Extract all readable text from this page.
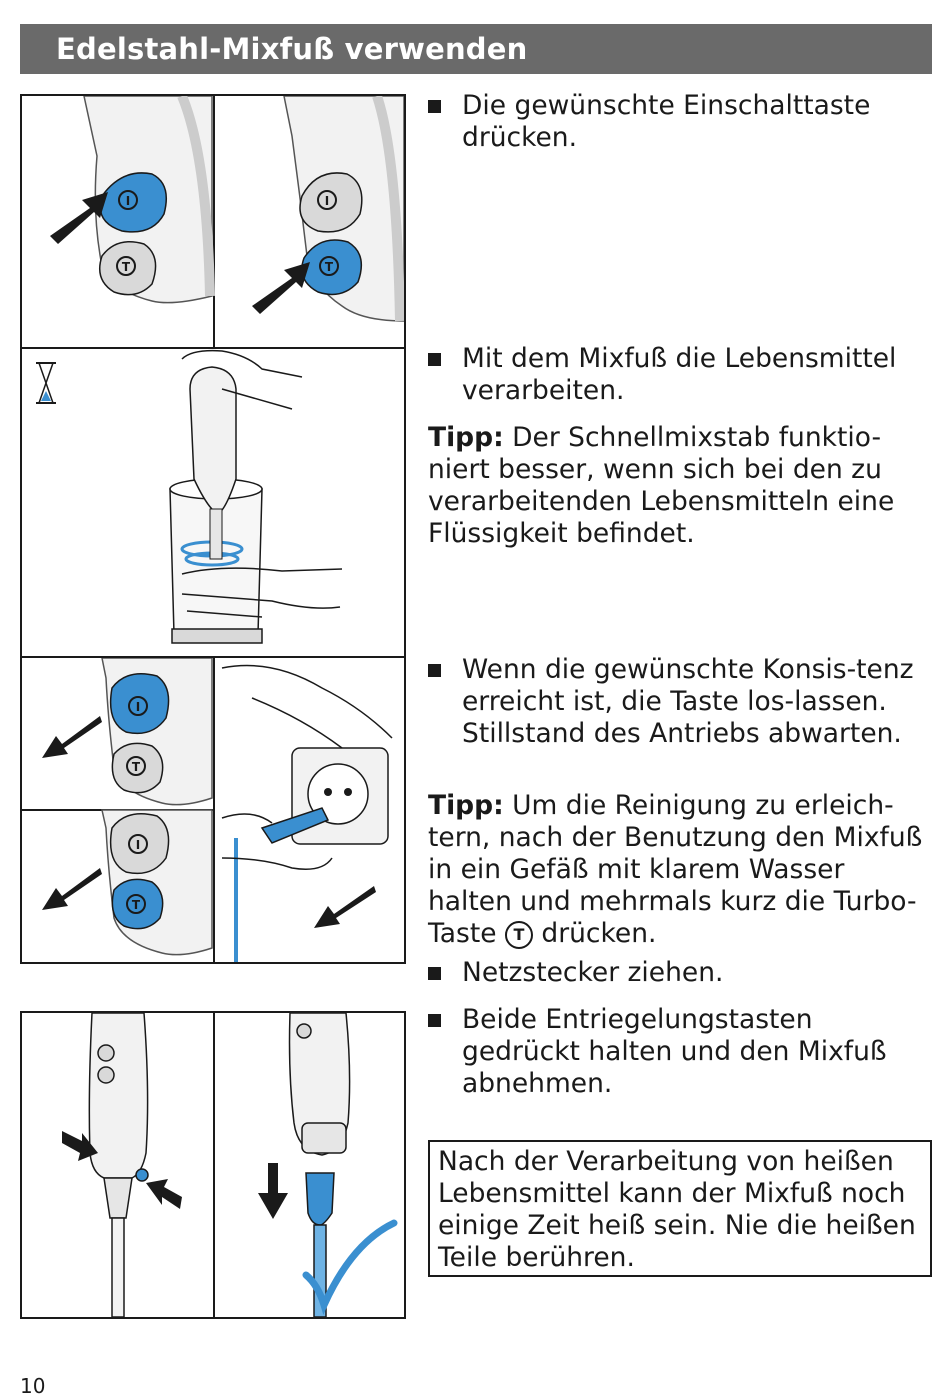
Edelstahl-Mixfuß verwenden
I
T
I
T
I
T
I
T
Die gewünschte Einschalttaste drücken.
Mit dem Mixfuß die Lebensmittel verarbeiten.
Tipp: Der Schnellmixstab funktio-niert besser, wenn sich bei den zu verarbeitenden Lebensmitteln eine Flüssigkeit befindet.
Wenn die gewünschte Konsis-tenz erreicht ist, die Taste los-lassen. Stillstand des Antriebs abwarten.
Tipp: Um die Reinigung zu erleich-tern, nach der Benutzung den Mixfuß in ein Gefäß mit klarem Wasser halten und mehrmals kurz die Turbo-Taste T drücken.
Netzstecker ziehen.
Beide Entriegelungstasten gedrückt halten und den Mixfuß abnehmen.
Nach der Verarbeitung von heißen Lebensmittel kann der Mixfuß noch einige Zeit heiß sein. Nie die heißen Teile berühren.
10
